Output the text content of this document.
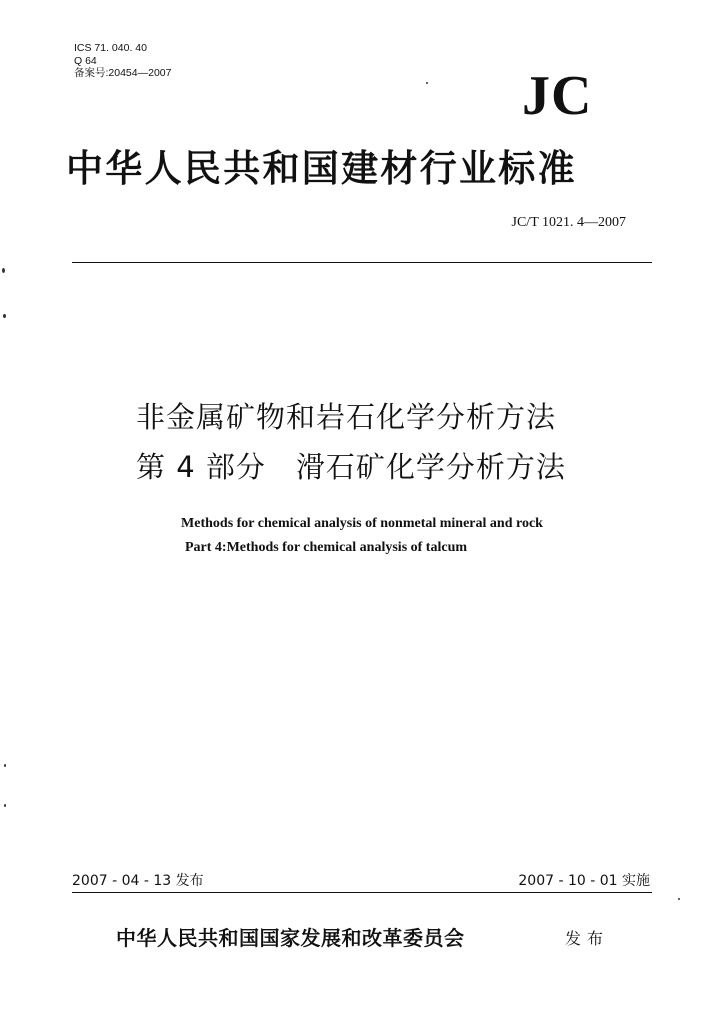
ICS 71. 040. 40
Q 64
备案号:20454—2007	JC
中华人民共和国建材行业标准
JC/T 1021. 4—2007
非金属矿物和岩石化学分析方法
第 4 部分 滑石矿化学分析方法
Methods for chemical analysis of nonmetal mineral and rock
Part 4:Methods for chemical analysis of talcum
2007 - 04 - 13 发布	2007 - 10 - 01 实施
中华人民共和国国家发展和改革委员会	发布
